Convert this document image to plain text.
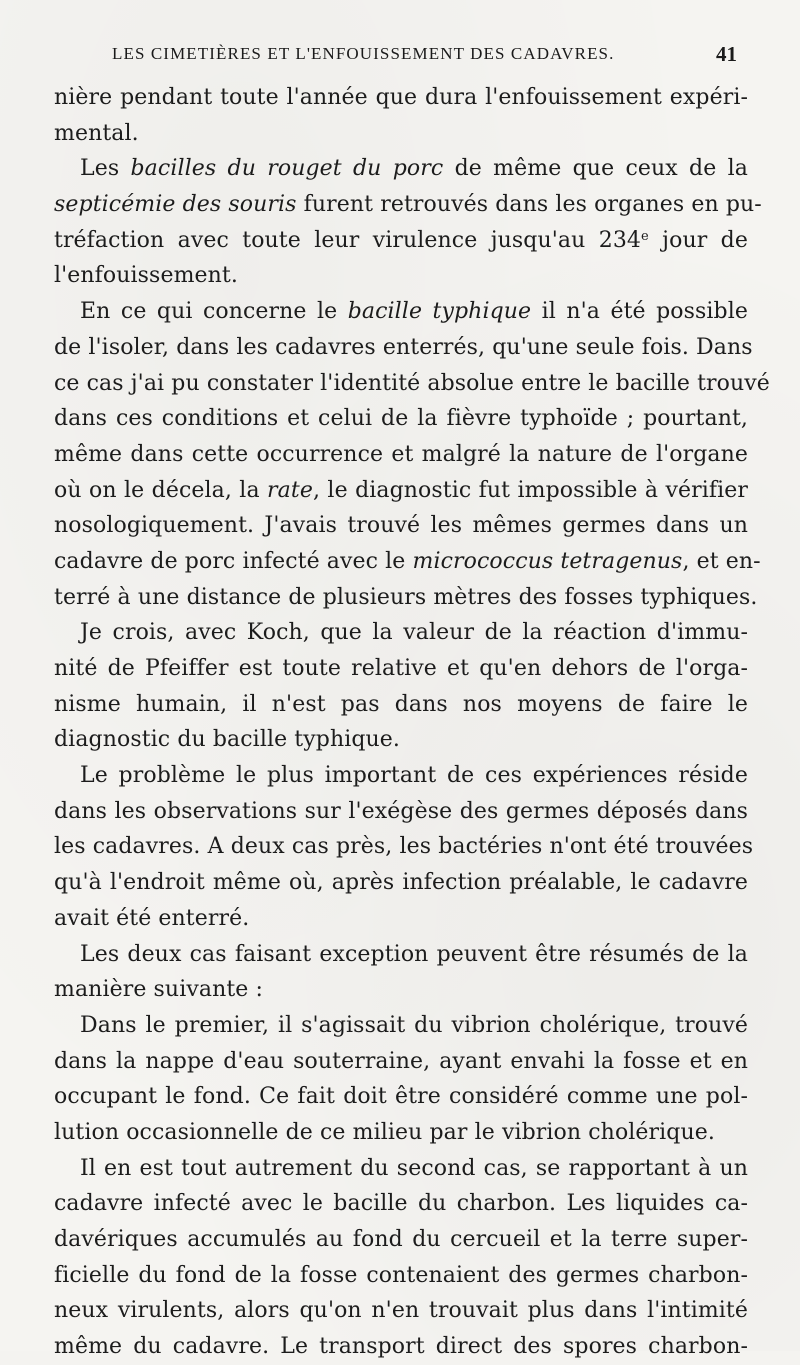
LES CIMETIÈRES ET L'ENFOUISSEMENT DES CADAVRES.	41
nière pendant toute l'année que dura l'enfouissement expéri-
mental.
Les bacilles du rouget du porc de même que ceux de la
septicémie des souris furent retrouvés dans les organes en pu-
tréfaction avec toute leur virulence jusqu'au 234e jour de
l'enfouissement.
En ce qui concerne le bacille typhique il n'a été possible
de l'isoler, dans les cadavres enterrés, qu'une seule fois. Dans
ce cas j'ai pu constater l'identité absolue entre le bacille trouvé
dans ces conditions et celui de la fièvre typhoïde ; pourtant,
même dans cette occurrence et malgré la nature de l'organe
où on le décela, la rate, le diagnostic fut impossible à vérifier
nosologiquement. J'avais trouvé les mêmes germes dans un
cadavre de porc infecté avec le micrococcus tetragenus, et en-
terré à une distance de plusieurs mètres des fosses typhiques.
Je crois, avec Koch, que la valeur de la réaction d'immu-
nité de Pfeiffer est toute relative et qu'en dehors de l'orga-
nisme humain, il n'est pas dans nos moyens de faire le
diagnostic du bacille typhique.
Le problème le plus important de ces expériences réside
dans les observations sur l'exégèse des germes déposés dans
les cadavres. A deux cas près, les bactéries n'ont été trouvées
qu'à l'endroit même où, après infection préalable, le cadavre
avait été enterré.
Les deux cas faisant exception peuvent être résumés de la
manière suivante :
Dans le premier, il s'agissait du vibrion cholérique, trouvé
dans la nappe d'eau souterraine, ayant envahi la fosse et en
occupant le fond. Ce fait doit être considéré comme une pol-
lution occasionnelle de ce milieu par le vibrion cholérique.
Il en est tout autrement du second cas, se rapportant à un
cadavre infecté avec le bacille du charbon. Les liquides ca-
davériques accumulés au fond du cercueil et la terre super-
ficielle du fond de la fosse contenaient des germes charbon-
neux virulents, alors qu'on n'en trouvait plus dans l'intimité
même du cadavre. Le transport direct des spores charbon-
